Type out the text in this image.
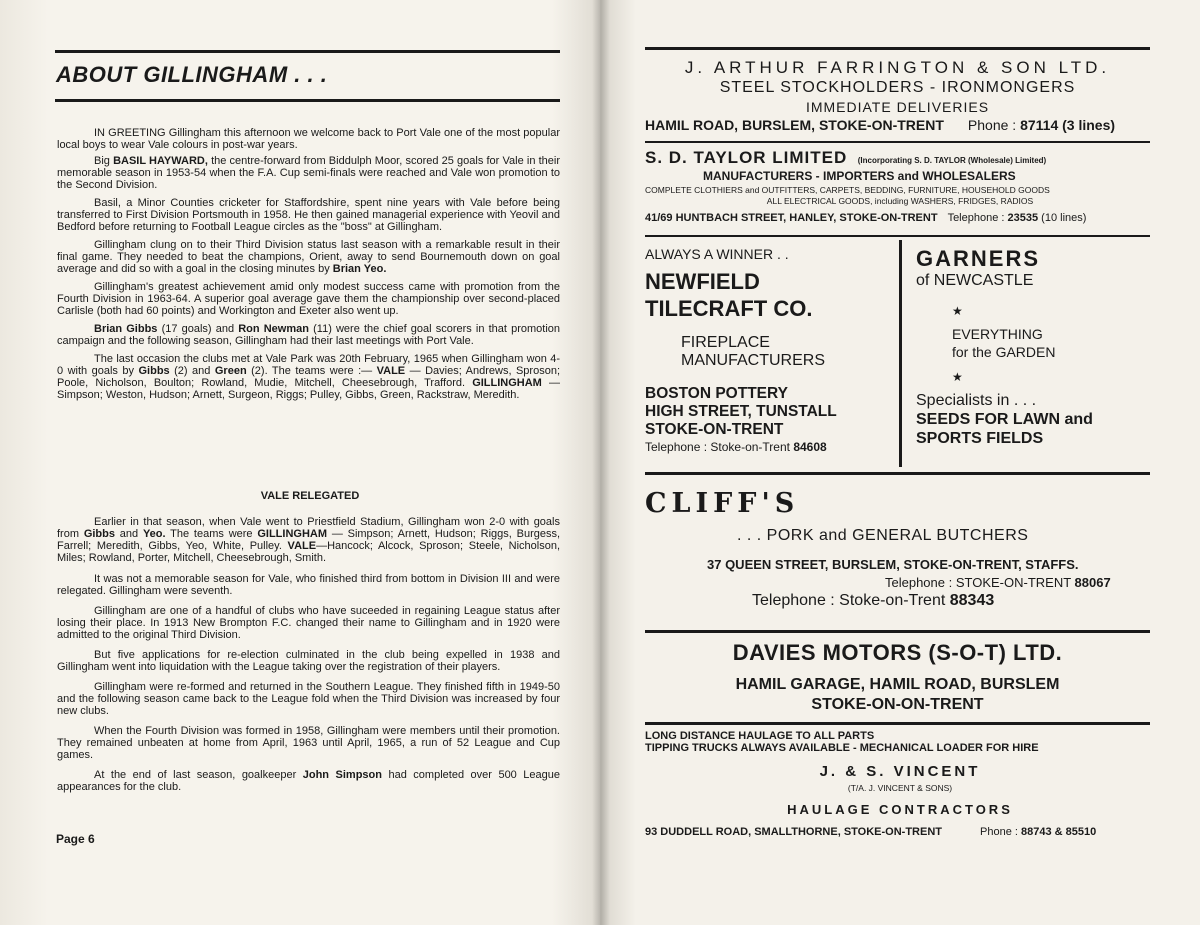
ABOUT GILLINGHAM . . .

IN GREETING Gillingham this afternoon we welcome back to Port Vale one of the most popular local boys to wear Vale colours in post-war years.

Big BASIL HAYWARD, the centre-forward from Biddulph Moor, scored 25 goals for Vale in their memorable season in 1953-54 when the F.A. Cup semi-finals were reached and Vale won promotion to the Second Division.

Basil, a Minor Counties cricketer for Staffordshire, spent nine years with Vale before being transferred to First Division Portsmouth in 1958. He then gained managerial experience with Yeovil and Bedford before returning to Football League circles as the "boss" at Gillingham.

Gillingham clung on to their Third Division status last season with a remarkable result in their final game. They needed to beat the champions, Orient, away to send Bournemouth down on goal average and did so with a goal in the closing minutes by Brian Yeo.

Gillingham's greatest achievement amid only modest success came with promotion from the Fourth Division in 1963-64. A superior goal average gave them the championship over second-placed Carlisle (both had 60 points) and Workington and Exeter also went up.

Brian Gibbs (17 goals) and Ron Newman (11) were the chief goal scorers in that promotion campaign and the following season, Gillingham had their last meetings with Port Vale.

The last occasion the clubs met at Vale Park was 20th February, 1965 when Gillingham won 4-0 with goals by Gibbs (2) and Green (2). The teams were :— VALE — Davies; Andrews, Sproson; Poole, Nicholson, Boulton; Rowland, Mudie, Mitchell, Cheesebrough, Trafford. GILLINGHAM — Simpson; Weston, Hudson; Arnett, Surgeon, Riggs; Pulley, Gibbs, Green, Rackstraw, Meredith.

VALE RELEGATED

Earlier in that season, when Vale went to Priestfield Stadium, Gillingham won 2-0 with goals from Gibbs and Yeo. The teams were GILLINGHAM — Simpson; Arnett, Hudson; Riggs, Burgess, Farrell; Meredith, Gibbs, Yeo, White, Pulley. VALE—Hancock; Alcock, Sproson; Steele, Nicholson, Miles; Rowland, Porter, Mitchell, Cheesebrough, Smith.

It was not a memorable season for Vale, who finished third from bottom in Division III and were relegated. Gillingham were seventh.

Gillingham are one of a handful of clubs who have suceeded in regaining League status after losing their place. In 1913 New Brompton F.C. changed their name to Gillingham and in 1920 were admitted to the original Third Division.

But five applications for re-election culminated in the club being expelled in 1938 and Gillingham went into liquidation with the League taking over the registration of their players.

Gillingham were re-formed and returned in the Southern League. They finished fifth in 1949-50 and the following season came back to the League fold when the Third Division was increased by four new clubs.

When the Fourth Division was formed in 1958, Gillingham were members until their promotion. They remained unbeaten at home from April, 1963 until April, 1965, a run of 52 League and Cup games.

At the end of last season, goalkeeper John Simpson had completed over 500 League appearances for the club.

Page 6
J. ARTHUR FARRINGTON & SON LTD.
STEEL STOCKHOLDERS - IRONMONGERS
IMMEDIATE DELIVERIES
HAMIL ROAD, BURSLEM, STOKE-ON-TRENT Phone : 87114 (3 lines)
S. D. TAYLOR LIMITED (Incorporating S. D. TAYLOR (Wholesale) Limited)
MANUFACTURERS - IMPORTERS and WHOLESALERS
COMPLETE CLOTHIERS and OUTFITTERS, CARPETS, BEDDING, FURNITURE, HOUSEHOLD GOODS
ALL ELECTRICAL GOODS, including WASHERS, FRIDGES, RADIOS
41/69 HUNTBACH STREET, HANLEY, STOKE-ON-TRENT Telephone : 23535 (10 lines)
ALWAYS A WINNER . .
NEWFIELD
TILECRAFT CO.
FIREPLACE
MANUFACTURERS
BOSTON POTTERY
HIGH STREET, TUNSTALL
STOKE-ON-TRENT
Telephone : Stoke-on-Trent 84608
GARNERS
of NEWCASTLE
★
EVERYTHING
for the GARDEN
★
Specialists in . . .
SEEDS FOR LAWN and
SPORTS FIELDS
CLIFF'S
. . . PORK and GENERAL BUTCHERS
37 QUEEN STREET, BURSLEM, STOKE-ON-TRENT, STAFFS.
Telephone : STOKE-ON-TRENT 88067
Telephone : Stoke-on-Trent 88343
DAVIES MOTORS (S-O-T) LTD.
HAMIL GARAGE, HAMIL ROAD, BURSLEM
STOKE-ON-ON-TRENT
LONG DISTANCE HAULAGE TO ALL PARTS
TIPPING TRUCKS ALWAYS AVAILABLE - MECHANICAL LOADER FOR HIRE
J. & S. VINCENT
(T/A. J. VINCENT & SONS)
HAULAGE CONTRACTORS
93 DUDDELL ROAD, SMALLTHORNE, STOKE-ON-TRENT	Phone : 88743 & 85510
